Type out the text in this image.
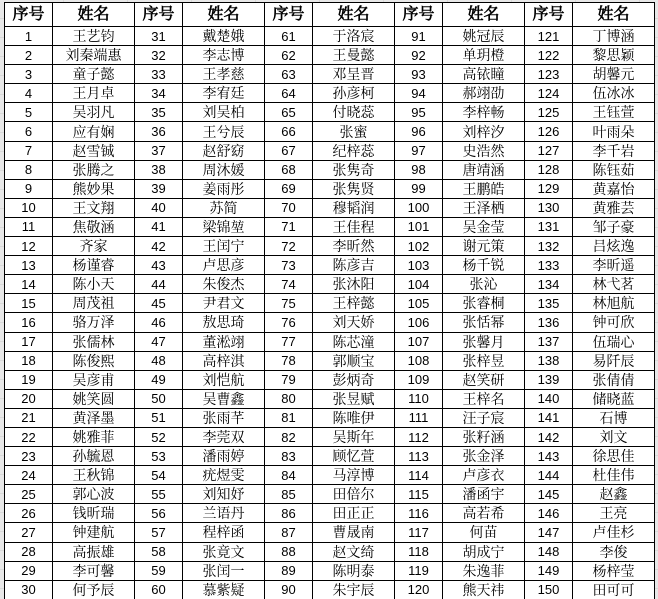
序号	姓名
1	王艺钧
2	刘秦端惠
3	童子懿
4	王月卓
5	吴羽凡
6	应有娴
7	赵雪铖
8	张腾之
9	熊妙果
10	王文翔
11	焦敬涵
12	齐家
13	杨谨睿
14	陈小天
15	周茂祖
16	骆万泽
17	张儒林
18	陈俊熙
19	吴彦甫
20	姚笑圆
21	黄泽墨
22	姚雅菲
23	孙毓恩
24	王秋锦
25	郭心波
26	钱昕瑞
27	钟建航
28	高振雄
29	李可馨
30	何予辰
序号	姓名
31	戴楚娥
32	李志博
33	王孝慈
34	李宥廷
35	刘吴柏
36	王兮辰
37	赵舒窈
38	周沐媛
39	姜雨彤
40	苏简
41	梁锦堃
42	王闰宁
43	卢思彦
44	朱俊杰
45	尹君文
46	敖思琦
47	董淞翊
48	高梓淇
49	刘恺航
50	吴曹鑫
51	张雨芊
52	李莞双
53	潘雨婷
54	疣煜雯
55	刘知妤
56	兰语丹
57	程梓函
58	张竟文
59	张闰一
60	慕紫疑
序号	姓名
61	于洛宸
62	王曼懿
63	邓呈晋
64	孙彦柯
65	付晓蕊
66	张蜜
67	纪梓蕊
68	张隽奇
69	张隽贤
70	穆韬润
71	王佳程
72	李昕然
73	陈彦吉
74	张沐阳
75	王梓懿
76	刘天娇
77	陈芯潼
78	郭顺宝
79	彭炳奇
80	张昱赋
81	陈唯伊
82	吴斯年
83	顾忆萱
84	马淳博
85	田倍尔
86	田正正
87	曹晟南
88	赵文绮
89	陈明泰
90	朱宇辰
序号	姓名
91	姚冠辰
92	单玥橙
93	高铱瞳
94	郝翊劭
95	李梓畅
96	刘梓汐
97	史浩然
98	唐靖涵
99	王鹏皓
100	王泽栖
101	吴金莹
102	谢元策
103	杨千锐
104	张沁
105	张睿桐
106	张恬幂
107	张馨月
108	张梓昱
109	赵笑研
110	王梓名
111	汪子宸
112	张籽涵
113	张金泽
114	卢彦衣
115	潘函宇
116	高若希
117	何苗
118	胡成宁
119	朱逸菲
120	熊天祎
序号	姓名
121	丁博涵
122	黎思颖
123	胡馨元
124	伍冰冰
125	王钰萱
126	叶雨朵
127	李千岩
128	陈钰茹
129	黄嘉怡
130	黄雅芸
131	邹子豪
132	吕炫逸
133	李昕遥
134	林弋茗
135	林旭航
136	钟可欣
137	伍瑞心
138	易阡辰
139	张倩倩
140	储晓蓝
141	石博
142	刘文
143	徐思佳
144	杜佳伟
145	赵鑫
146	王亮
147	卢佳杉
148	李俊
149	杨梓莹
150	田可可
